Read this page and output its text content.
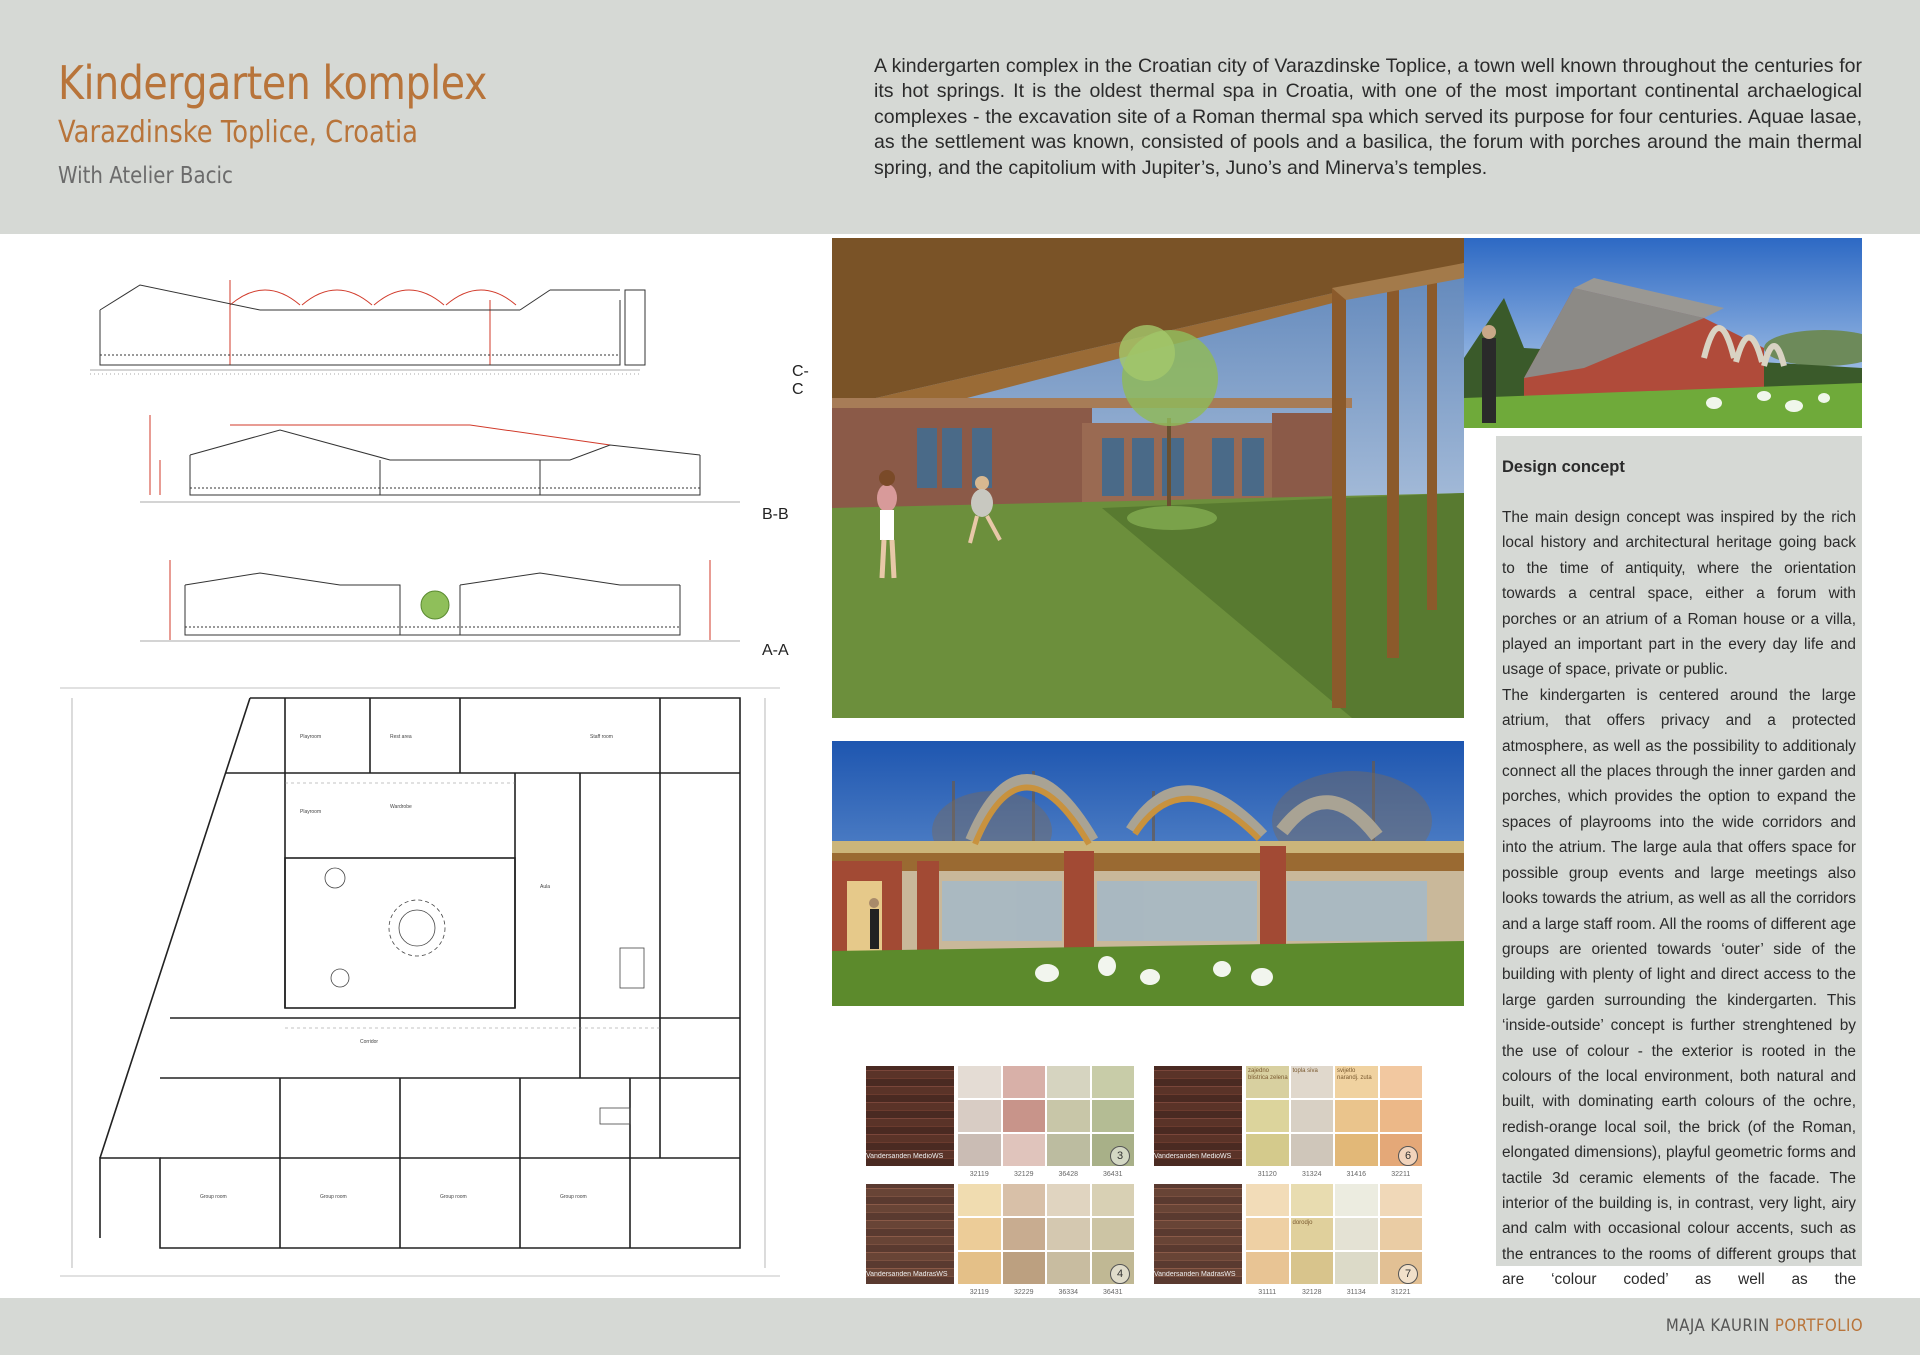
Kindergarten komplex
Varazdinske Toplice, Croatia

With Atelier Bacic

A kindergarten complex in the Croatian city of Varazdinske Toplice, a town well known throughout the centuries for its hot springs. It is the oldest thermal spa in Croatia, with one of the most important continental archaelogical complexes - the excavation site of a Roman thermal spa which served its purpose for four centuries. Aquae lasae, as the settlement was known, consisted of pools and a basilica, the forum with porches around the main thermal spring, and the capitolium with Jupiter’s, Juno’s and Minerva’s temples.

C-C
B-B
A-A
Playroom	Rest area	Staff room
Playroom
Wardrobe
Aula
Group room	Group room	Group room	Group room
Corridor
Vandersanden MedioWS
32119	32129	36428	36431
3	Vandersanden MedioWS
zajedno blistrica zelena
31120
topla siva
31324
svijetlo narandj. zuta
31416	32211
6
Vandersanden MadrasWS
32119	32229	36334	36431
4	Vandersanden MadrasWS
31111
dorodjo
32128	31134	31221
7
Design concept

The main design concept was inspired by the rich local history and architectural heritage going back to the time of antiquity, where the orientation towards a central space, either a forum with porches or an atrium of a Roman house or a villa, played an important part in the every day life and usage of space, private or public.

The kindergarten is centered around the large atrium, that offers privacy and a protected atmosphere, as well as the possibility to additionaly connect all the places through the inner garden and porches, which provides the option to expand the spaces of playrooms into the wide corridors and into the atrium. The large aula that offers space for possible group events and large meetings also looks towards the atrium, as well as all the corridors and a large staff room. All the rooms of different age groups are oriented towards ‘outer’ side of the building with plenty of light and direct access to the large garden surrounding the kindergarten. This ‘inside-outside’ concept is further strenghtened by the use of colour - the exterior is rooted in the colours of the local environment, both natural and built, with dominating earth colours of the ochre, redish-orange local soil, the brick (of the Roman, elongated dimensions), playful geometric forms and tactile 3d ceramic elements of the facade. The interior of the building is, in contrast, very light, airy and calm with occasional colour accents, such as the entrances to the rooms of different groups that are ‘colour coded’ as well as the

MAJA KAURIN PORTFOLIO
